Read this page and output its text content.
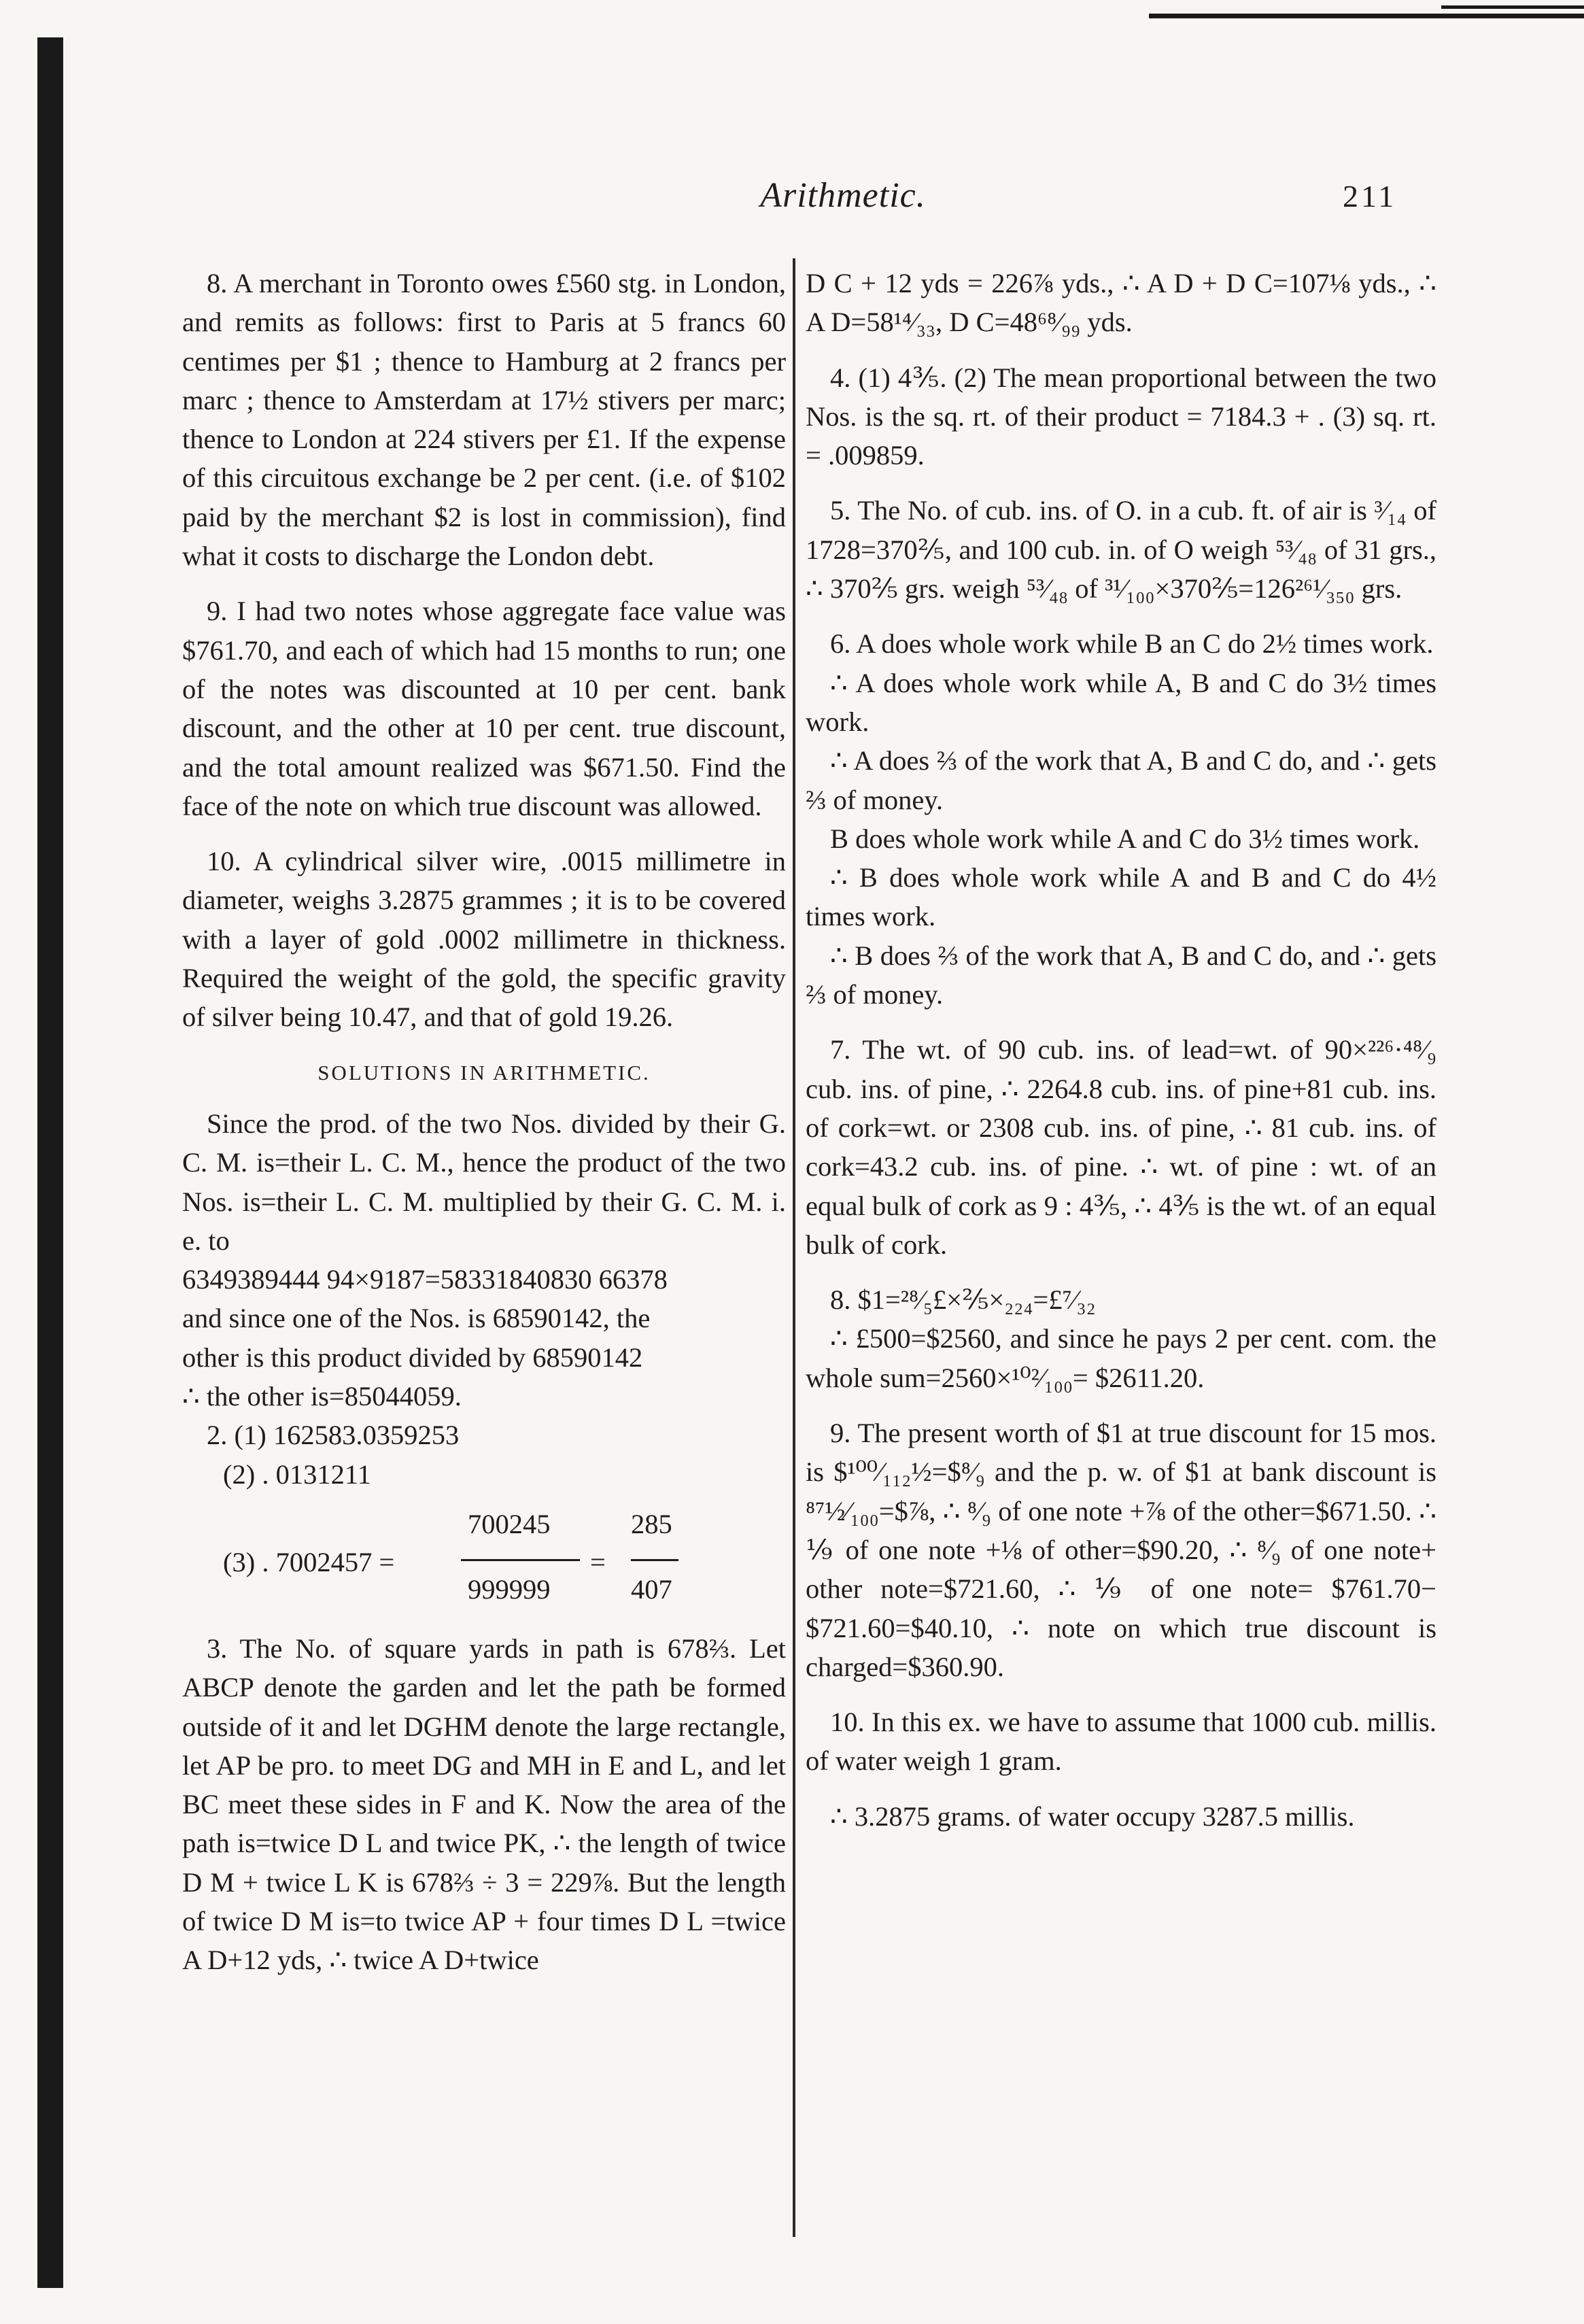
Arithmetic.	211

8. A merchant in Toronto owes £560 stg. in London, and remits as follows: first to Paris at 5 francs 60 centimes per $1 ; thence to Hamburg at 2 francs per marc ; thence to Amsterdam at 17½ stivers per marc; thence to London at 224 stivers per £1. If the expense of this circuitous exchange be 2 per cent. (i.e. of $102 paid by the merchant $2 is lost in commission), find what it costs to discharge the London debt.

9. I had two notes whose aggregate face value was $761.70, and each of which had 15 months to run; one of the notes was discounted at 10 per cent. bank discount, and the other at 10 per cent. true discount, and the total amount realized was $671.50. Find the face of the note on which true discount was allowed.

10. A cylindrical silver wire, .0015 millimetre in diameter, weighs 3.2875 grammes ; it is to be covered with a layer of gold .0002 millimetre in thickness. Required the weight of the gold, the specific gravity of silver being 10.47, and that of gold 19.26.

SOLUTIONS IN ARITHMETIC.

Since the prod. of the two Nos. divided by their G. C. M. is=their L. C. M., hence the product of the two Nos. is=their L. C. M. multiplied by their G. C. M. i. e. to

6349389444 94×9187=58331840830 66378
and since one of the Nos. is 68590142, the
other is this product divided by 68590142
∴ the other is=85044059.
2. (1) 162583.0359253
(2) . 0131211
(3) . 7002457 =
700245
999999
=
285
407

3. The No. of square yards in path is 678⅔. Let ABCP denote the garden and let the path be formed outside of it and let DGHM denote the large rectangle, let AP be pro. to meet DG and MH in E and L, and let BC meet these sides in F and K. Now the area of the path is=twice D L and twice PK, ∴ the length of twice D M + twice L K is 678⅔ ÷ 3 = 229⅞. But the length of twice D M is=to twice AP + four times D L =twice A D+12 yds, ∴ twice A D+twice

D C + 12 yds = 226⅞ yds., ∴ A D + D C=107⅛ yds., ∴ A D=58¹⁴⁄₃₃, D C=48⁶⁸⁄₉₉ yds.

4. (1) 4⅗. (2) The mean proportional between the two Nos. is the sq. rt. of their product = 7184.3 + . (3) sq. rt. = .009859.

5. The No. of cub. ins. of O. in a cub. ft. of air is ³⁄₁₄ of 1728=370⅖, and 100 cub. in. of O weigh ⁵³⁄₄₈ of 31 grs., ∴ 370⅖ grs. weigh ⁵³⁄₄₈ of ³¹⁄₁₀₀×370⅖=126²⁶¹⁄₃₅₀ grs.

6. A does whole work while B an C do 2½ times work.

∴ A does whole work while A, B and C do 3½ times work.

∴ A does ⅔ of the work that A, B and C do, and ∴ gets ⅔ of money.

B does whole work while A and C do 3½ times work.

∴ B does whole work while A and B and C do 4½ times work.

∴ B does ⅔ of the work that A, B and C do, and ∴ gets ⅔ of money.

7. The wt. of 90 cub. ins. of lead=wt. of 90×²²⁶·⁴⁸⁄₉ cub. ins. of pine, ∴ 2264.8 cub. ins. of pine+81 cub. ins. of cork=wt. or 2308 cub. ins. of pine, ∴ 81 cub. ins. of cork=43.2 cub. ins. of pine. ∴ wt. of pine : wt. of an equal bulk of cork as 9 : 4⅗, ∴ 4⅗ is the wt. of an equal bulk of cork.

8. $1=²⁸⁄₅£×⅖×₂₂₄=£⁷⁄₃₂

∴ £500=$2560, and since he pays 2 per cent. com. the whole sum=2560×¹⁰²⁄₁₀₀= $2611.20.

9. The present worth of $1 at true discount for 15 mos. is $¹⁰⁰⁄₁₁₂½=$⁸⁄₉ and the p. w. of $1 at bank discount is ⁸⁷½⁄₁₀₀=$⅞, ∴ ⁸⁄₉ of one note +⅞ of the other=$671.50. ∴ ⅑ of one note +⅛ of other=$90.20, ∴ ⁸⁄₉ of one note+ other note=$721.60, ∴ ⅑ of one note= $761.70−$721.60=$40.10, ∴ note on which true discount is charged=$360.90.

10. In this ex. we have to assume that 1000 cub. millis. of water weigh 1 gram.

∴ 3.2875 grams. of water occupy 3287.5 millis.
